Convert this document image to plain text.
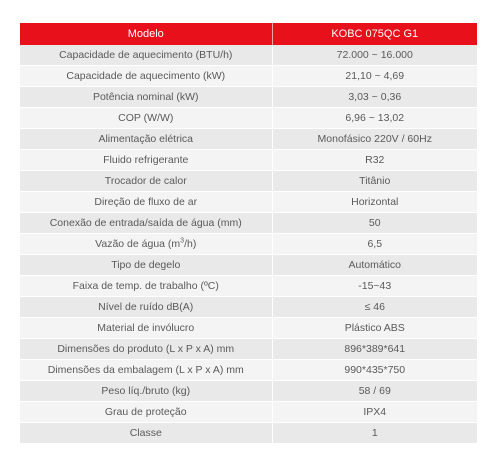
Modelo	KOBC 075QC G1
Capacidade de aquecimento (BTU/h)	72.000 ~ 16.000
Capacidade de aquecimento (kW)	21,10 ~ 4,69
Potência nominal (kW)	3,03 ~ 0,36
COP (W/W)	6,96 ~ 13,02
Alimentação elétrica	Monofásico 220V / 60Hz
Fluido refrigerante	R32
Trocador de calor	Titânio
Direção de fluxo de ar	Horizontal
Conexão de entrada/saída de água (mm)	50
Vazão de água $(m^3/h)$	6,5
Tipo de degelo	Automático
Faixa de temp. de trabalho (ºC)	-15~43
Nível de ruído dB(A)	≤ 46
Material de invólucro	Plástico ABS
Dimensões do produto (L x P x A) mm	896*389*641
Dimensões da embalagem (L x P x A) mm	990*435*750
Peso líq./bruto (kg)	58 / 69
Grau de proteção	IPX4
Classe	1
